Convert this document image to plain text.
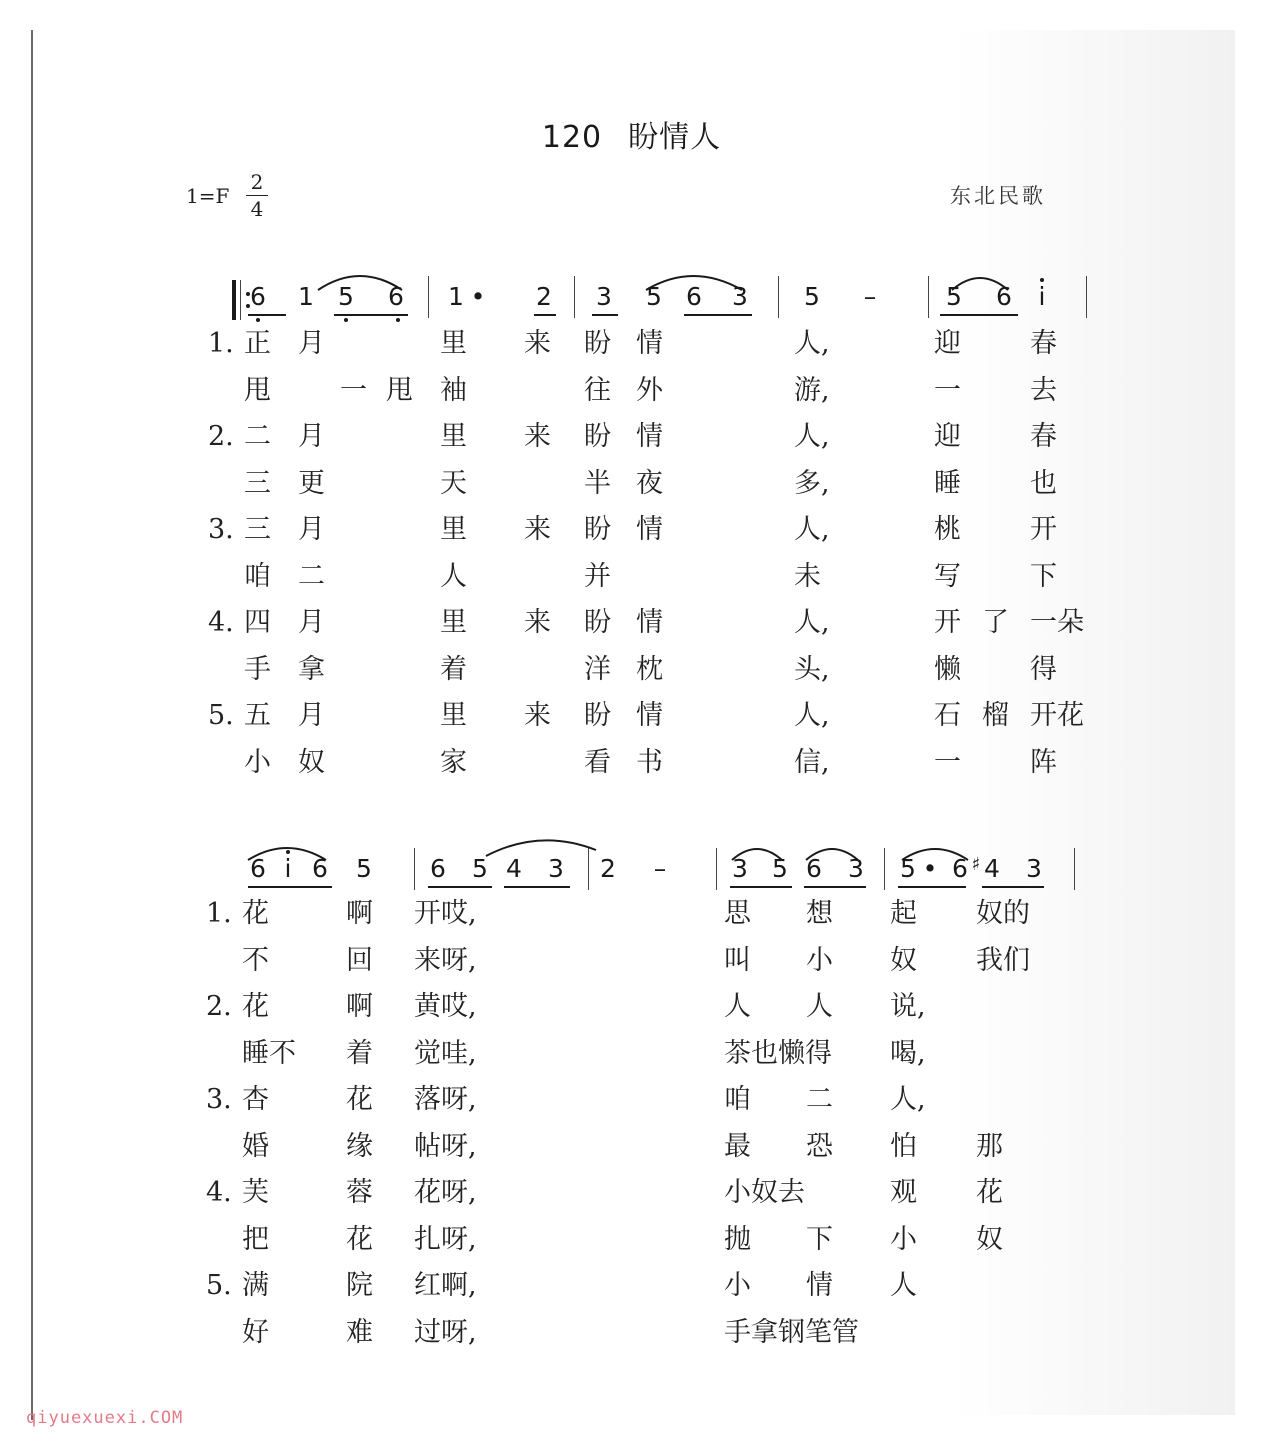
120 盼情人
1=F
2
4
东北民歌
6 1 5 6 1 • 2 3 5 6 3 5 –	5 6	i
6 i 6 5 6 5 4 3 2 –	3 5 6 3 5 • 6 ♯ 4 3
1. 正 月	里 来 盼 情	人,	迎	春
甩	一 甩 袖	往 外	游,	一	去
2. 二 月	里 来 盼 情	人,	迎	春
三 更	天	半 夜	多,	睡	也
3. 三 月	里 来 盼 情	人,	桃	开
咱 二	人	并	未	写	下
4. 四 月	里 来 盼 情	人,	开 了 一朵
手 拿	着	洋 枕	头,	懒	得
5. 五 月	里 来 盼 情	人,	石 榴 开花
小 奴	家	看 书	信,	一	阵
1. 花	啊 开哎,	思 想 起 奴的
不	回 来呀,	叫 小 奴 我们
2. 花	啊 黄哎,	人 人 说,
睡不 着 觉哇,	茶也懒得 喝,
3. 杏	花 落呀,	咱 二 人,
婚	缘 帖呀,	最 恐 怕 那
4. 芙	蓉 花呀,	小奴去	观 花
把	花 扎呀,	抛 下 小 奴
5. 满	院 红啊,	小 情 人
好	难 过呀,	手拿钢笔管
qiyuexuexi.COM
